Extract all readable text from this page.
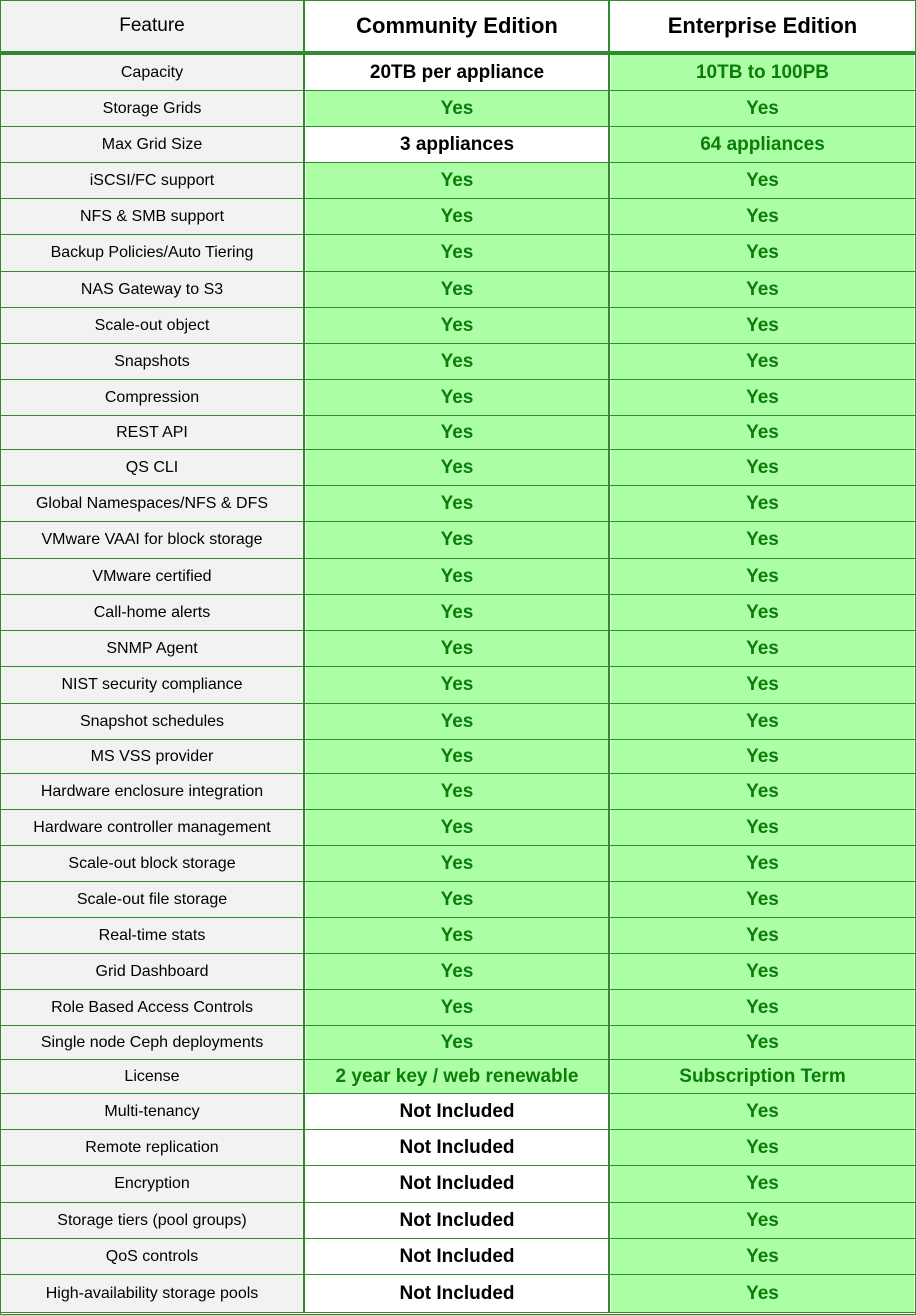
Feature	Community Edition	Enterprise Edition
Capacity	20TB per appliance	10TB to 100PB
Storage Grids	Yes	Yes
Max Grid Size	3 appliances	64 appliances
iSCSI/FC support	Yes	Yes
NFS & SMB support	Yes	Yes
Backup Policies/Auto Tiering	Yes	Yes
NAS Gateway to S3	Yes	Yes
Scale-out object	Yes	Yes
Snapshots	Yes	Yes
Compression	Yes	Yes
REST API	Yes	Yes
QS CLI	Yes	Yes
Global Namespaces/NFS & DFS	Yes	Yes
VMware VAAI for block storage	Yes	Yes
VMware certified	Yes	Yes
Call-home alerts	Yes	Yes
SNMP Agent	Yes	Yes
NIST security compliance	Yes	Yes
Snapshot schedules	Yes	Yes
MS VSS provider	Yes	Yes
Hardware enclosure integration	Yes	Yes
Hardware controller management	Yes	Yes
Scale-out block storage	Yes	Yes
Scale-out file storage	Yes	Yes
Real-time stats	Yes	Yes
Grid Dashboard	Yes	Yes
Role Based Access Controls	Yes	Yes
Single node Ceph deployments	Yes	Yes
License	2 year key / web renewable	Subscription Term
Multi-tenancy	Not Included	Yes
Remote replication	Not Included	Yes
Encryption	Not Included	Yes
Storage tiers (pool groups)	Not Included	Yes
QoS controls	Not Included	Yes
High-availability storage pools	Not Included	Yes
